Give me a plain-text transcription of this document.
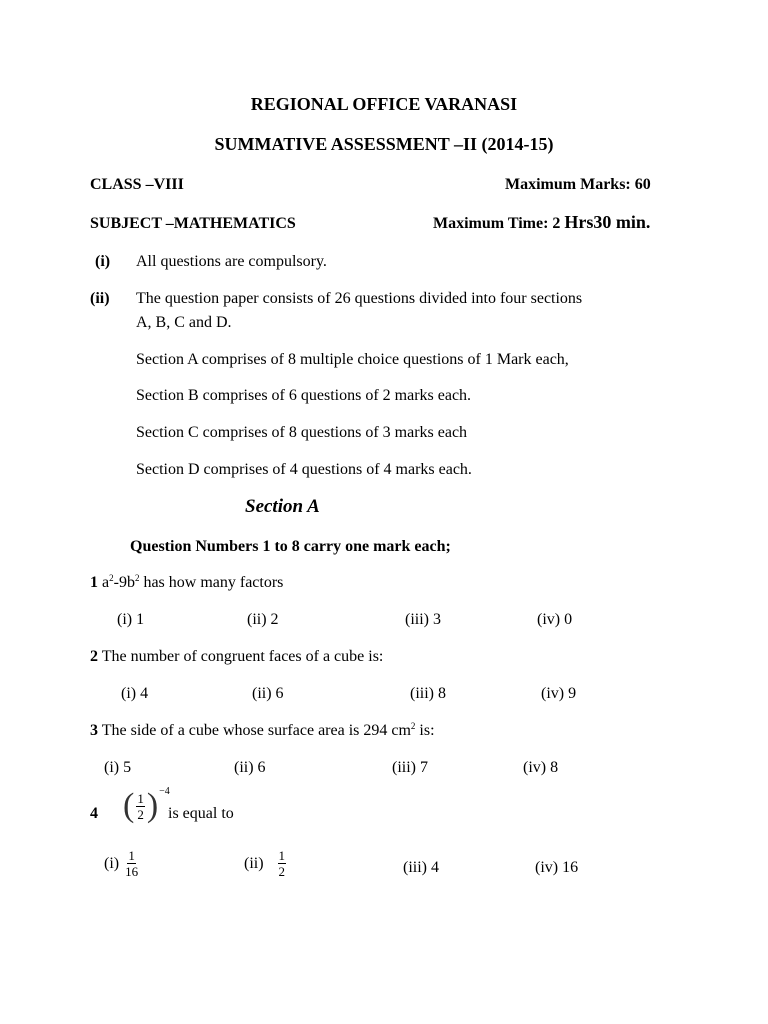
REGIONAL OFFICE VARANASI
SUMMATIVE ASSESSMENT –II (2014-15)
CLASS –VIII	Maximum Marks: 60
SUBJECT –MATHEMATICS	Maximum Time: 2 Hrs30 min.
(i) All questions are compulsory.
(ii) The question paper consists of 26 questions divided into four sections
A, B, C and D.
Section A comprises of 8 multiple choice questions of 1 Mark each,
Section B comprises of 6 questions of 2 marks each.
Section C comprises of 8 questions of 3 marks each
Section D comprises of 4 questions of 4 marks each.
Section A
Question Numbers 1 to 8 carry one mark each;
1 $a^2-9b^2$ has how many factors
(i) 1	(ii) 2	(iii) 3	(iv) 0
2 The number of congruent faces of a cube is:
(i) 4	(ii) 6	(iii) 8	(iv) 9
3 The side of a cube whose surface area is 294 $cm^2$ is:
(i) 5	(ii) 6	(iii) 7	(iv) 8
4 ( $\frac{1}{2}$ ) −4
is equal to
(i)
$\frac{1}{16}$	(ii)
$\frac{1}{2}$	(iii) 4	(iv) 16
